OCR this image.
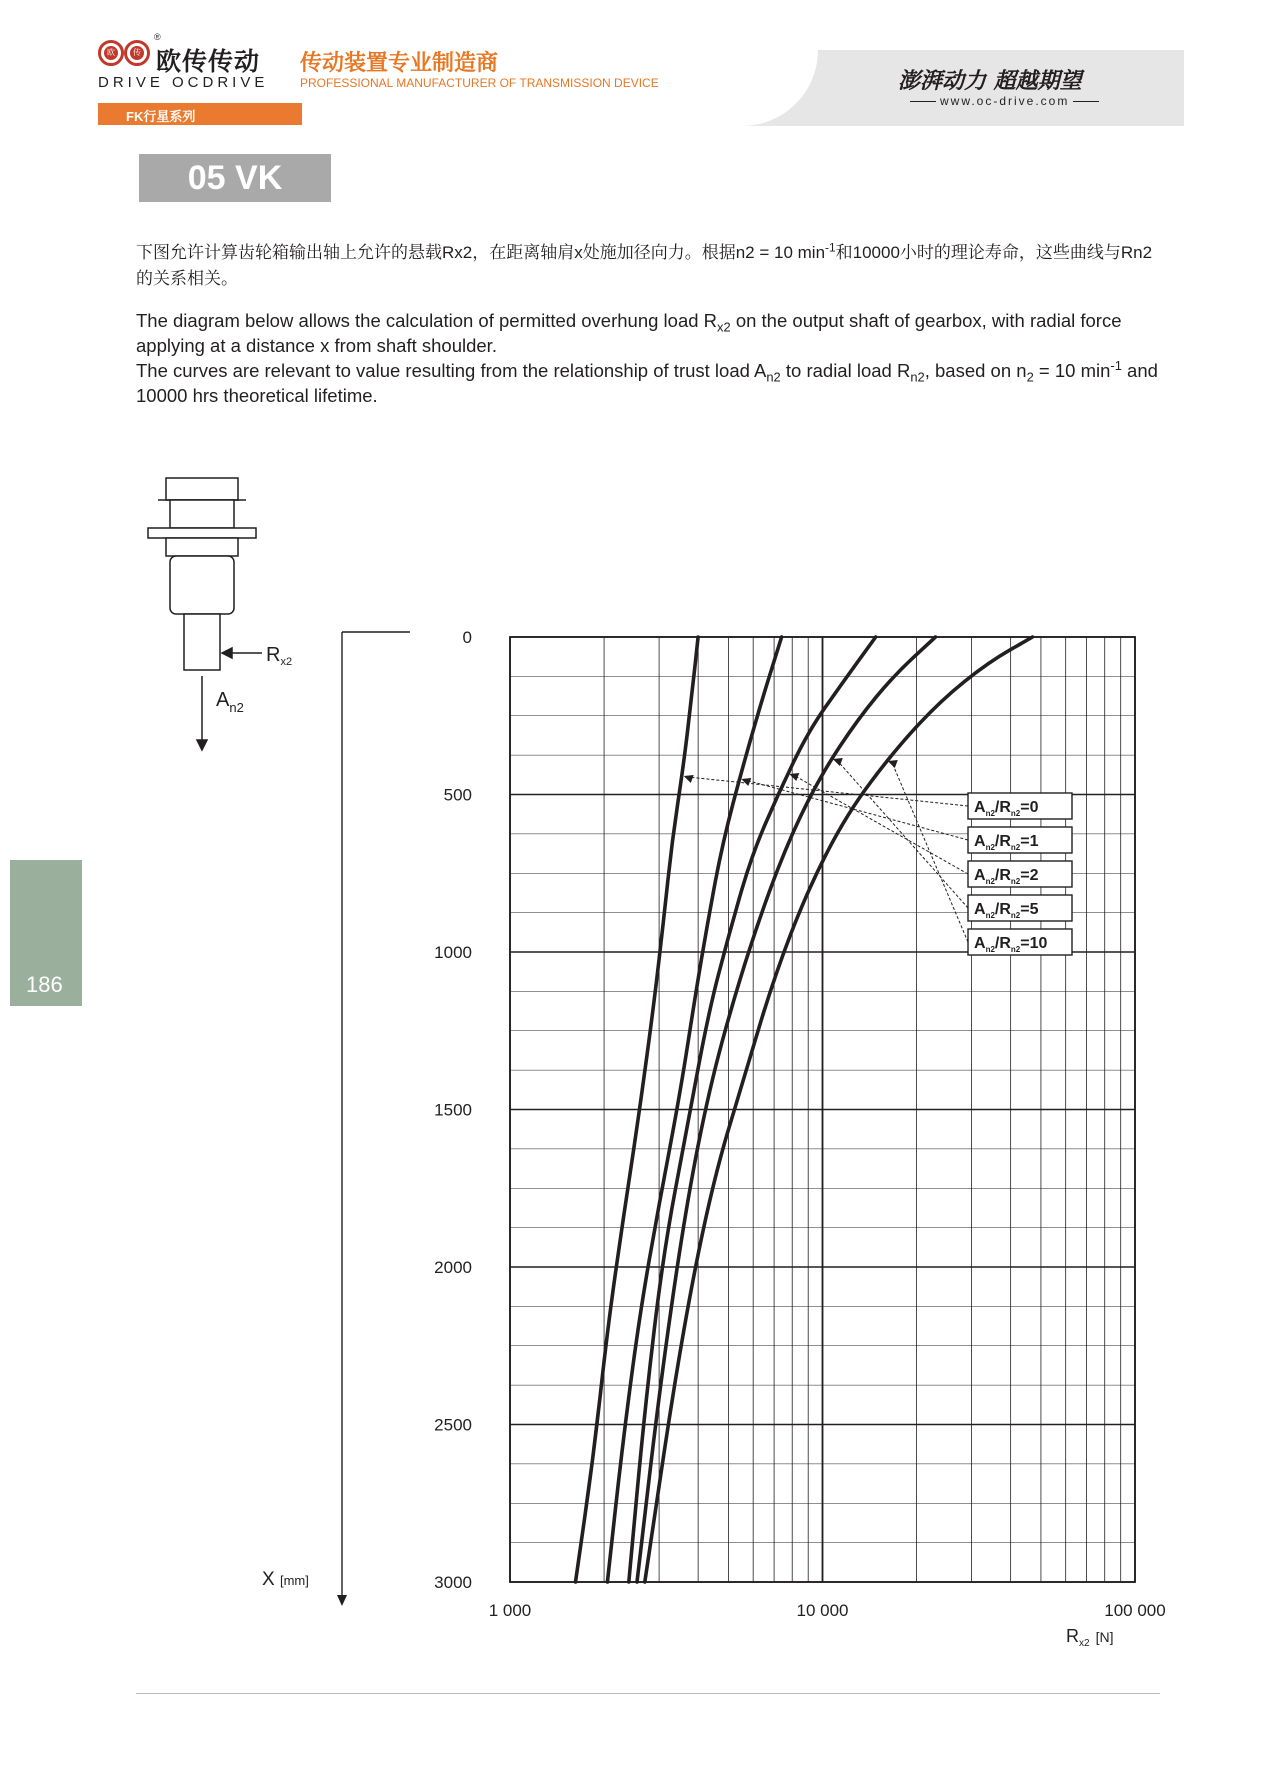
欧	传
®
欧传传动
DRIVE OCDRIVE
传动装置专业制造商
PROFESSIONAL MANUFACTURER OF TRANSMISSION DEVICE	澎湃动力 超越期望
www.oc-drive.com
FK行星系列
05 VK

下图允许计算齿轮箱输出轴上允许的悬载Rx2，在距离轴肩x处施加径向力。根据n2 = 10 $\min^{-1}$和10000小时的理论寿命，这些曲线与Rn2的关系相关。

The diagram below allows the calculation of permitted overhung load $R_{x2}$ on the output shaft of gearbox, with radial force applying at a distance x from shaft shoulder.
The curves are relevant to value resulting from the relationship of trust load $A_{n2}$ to radial load $R_{n2}$, based on $n_2 = 10$ $\min^{-1}$ and 10000 hrs theoretical lifetime.

186
$R_{x2}$
$A_{n2}$
0
500
1000
1500
2000
2500
3000
1 000	10 000	100 000
X [mm]
$R_{x2}$ [N]
$A_{n2}/R_{n2}=0$
$A_{n2}/R_{n2}=1$
$A_{n2}/R_{n2}=2$
$A_{n2}/R_{n2}=5$
$A_{n2}/R_{n2}=10$
